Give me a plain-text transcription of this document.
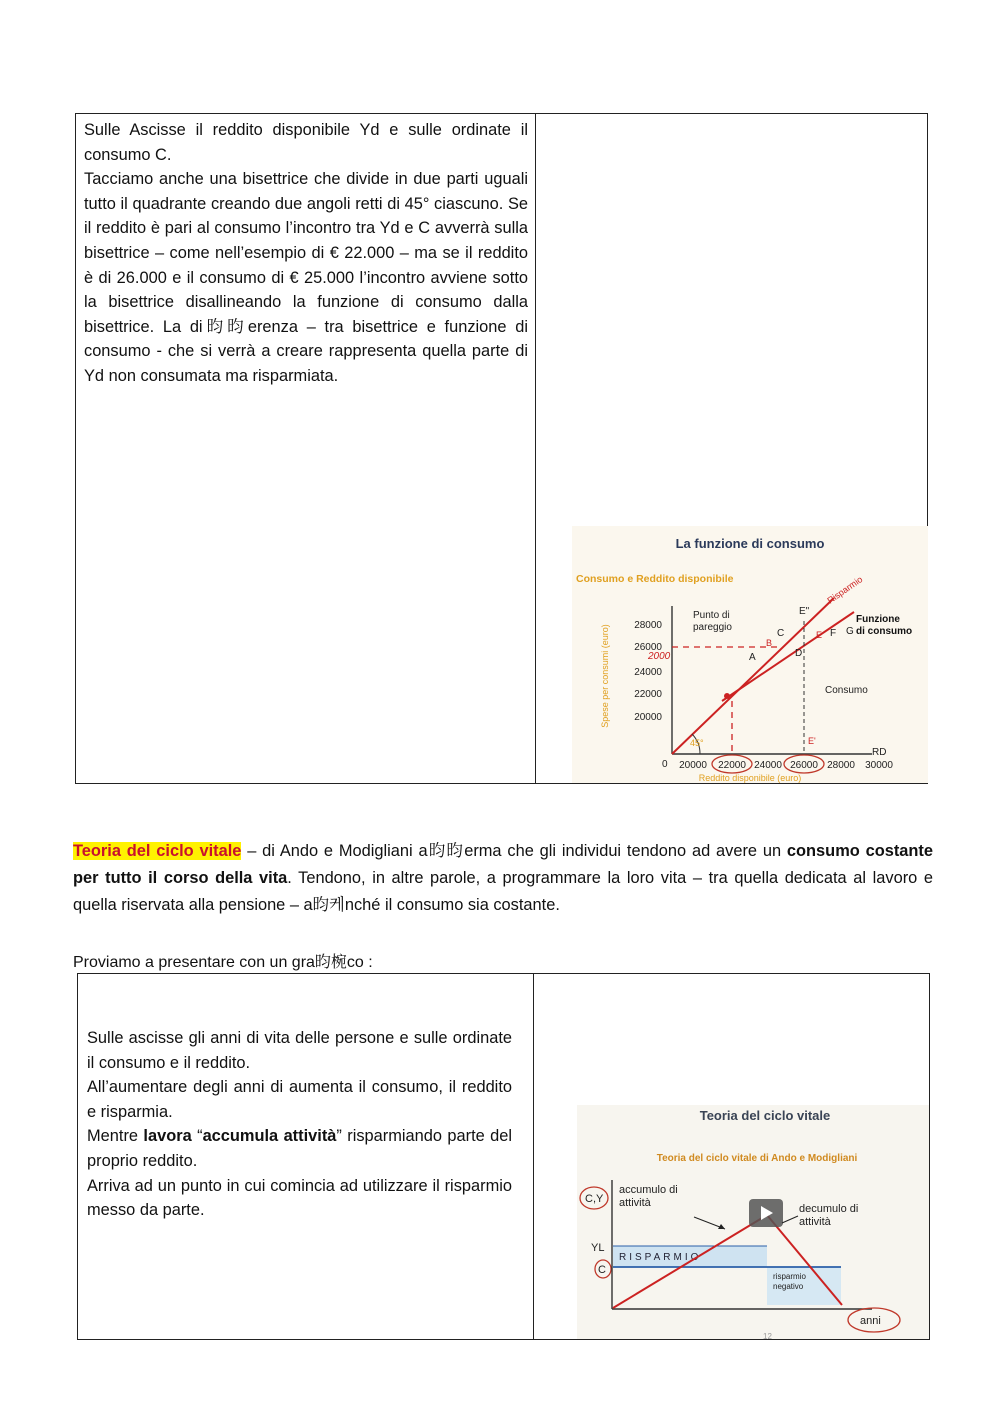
Sulle Ascisse il reddito disponibile Yd e sulle ordinate il consumo C.

Tacciamo anche una bisettrice che divide in due parti uguali tutto il quadrante creando due angoli retti di 45° ciascuno. Se il reddito è pari al consumo l’incontro tra Yd e C avverrà sulla bisettrice – come nell’esempio di € 22.000 – ma se il reddito è di 26.000 e il consumo di € 25.000 l’incontro avviene sotto la bisettrice disallineando la funzione di consumo dalla bisettrice. La di昀昀erenza – tra bisettrice e funzione di consumo - che si verrà a creare rappresenta quella parte di Yd non consumata ma risparmiata.

La funzione di consumo
Consumo e Reddito disponibile
28000
26000
24000
22000
20000
Spese per consumi (euro)
0 20000 22000 24000 26000 28000 30000
RD
Reddito disponibile (euro)
45°
2000
Punto di pareggio
A
B
C
D
E
E'
E"
F G
Funzione di consumo
Consumo
Risparmio
Teoria del ciclo vitale – di Ando e Modigliani a昀昀erma che gli individui tendono ad avere un consumo costante per tutto il corso della vita. Tendono, in altre parole, a programmare la loro vita – tra quella dedicata al lavoro e quella riservata alla pensione – a昀케nché il consumo sia costante.
Proviamo a presentare con un gra昀椀co :

Sulle ascisse gli anni di vita delle persone e sulle ordinate il consumo e il reddito.

All’aumentare degli anni di aumenta il consumo, il reddito e risparmia.

Mentre lavora “accumula attività” risparmiando parte del proprio reddito.

Arriva ad un punto in cui comincia ad utilizzare il risparmio messo da parte.

Teoria del ciclo vitale
Teoria del ciclo vitale di Ando e Modigliani
C,Y
YL
C
RISPARMIO
accumulo di attività	decumulo di attività
risparmio negativo
anni
12
